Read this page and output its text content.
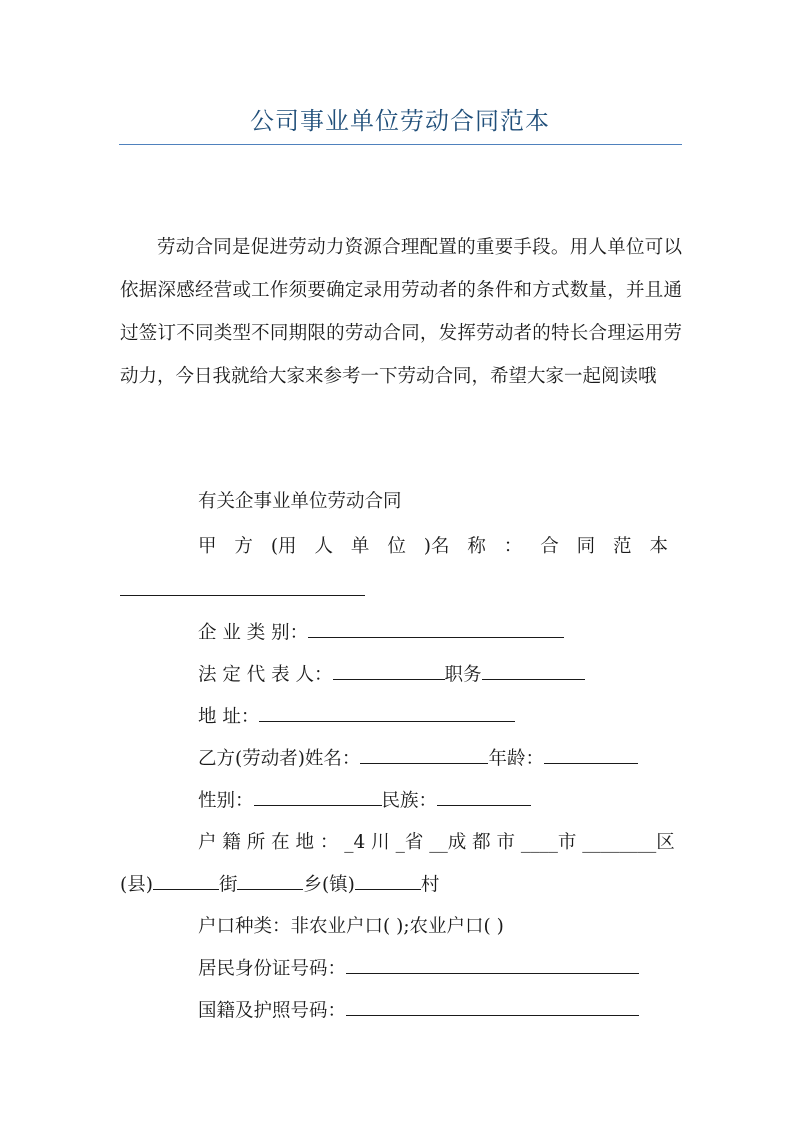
公司事业单位劳动合同范本

劳动合同是促进劳动力资源合理配置的重要手段。用人单位可以依据深感经营或工作须要确定录用劳动者的条件和方式数量，并且通过签订不同类型不同期限的劳动合同，发挥劳动者的特长合理运用劳动力，今日我就给大家来参考一下劳动合同，希望大家一起阅读哦

有关企事业单位劳动合同
甲 方 (用 人 单 位 )名 称 ： 合 同 范 本
企 业 类 别：
法 定 代 表 人：	职务
地 址：
乙方(劳动者)姓名：	年龄：
性别：	民族：
户 籍 所 在 地 ： _4 川 _省 __成 都 市 ____市 ________区
(县)	街	乡(镇)	村
户口种类：非农业户口( );农业户口( )
居民身份证号码：
国籍及护照号码：
